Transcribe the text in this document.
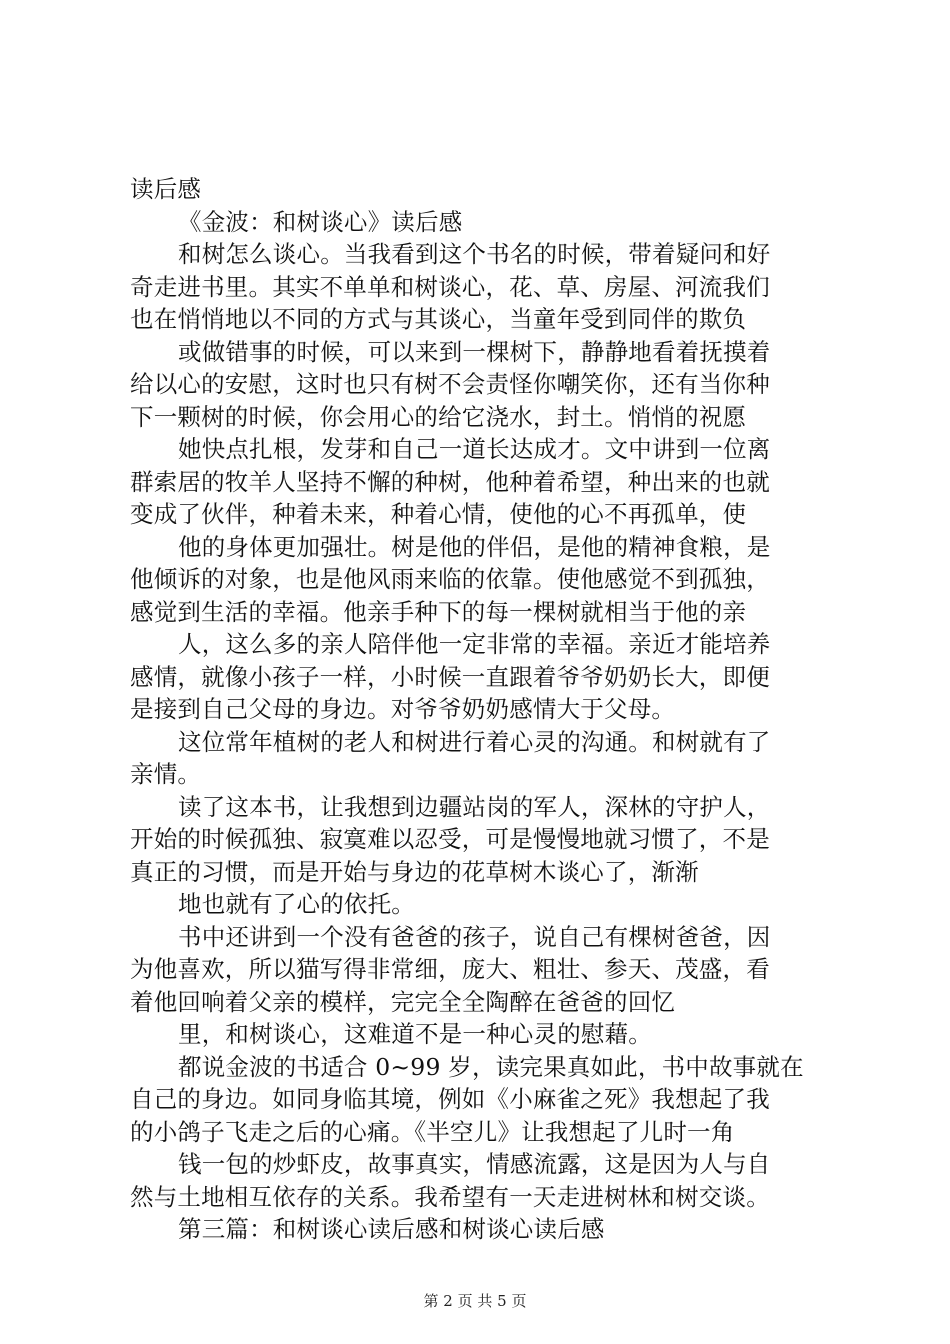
读后感
《金波：和树谈心》读后感
和树怎么谈心。当我看到这个书名的时候，带着疑问和好
奇走进书里。其实不单单和树谈心，花、草、房屋、河流我们
也在悄悄地以不同的方式与其谈心，当童年受到同伴的欺负
或做错事的时候，可以来到一棵树下，静静地看着抚摸着
给以心的安慰，这时也只有树不会责怪你嘲笑你，还有当你种
下一颗树的时候，你会用心的给它浇水，封土。悄悄的祝愿
她快点扎根，发芽和自己一道长达成才。文中讲到一位离
群索居的牧羊人坚持不懈的种树，他种着希望，种出来的也就
变成了伙伴，种着未来，种着心情，使他的心不再孤单，使
他的身体更加强壮。树是他的伴侣，是他的精神食粮，是
他倾诉的对象，也是他风雨来临的依靠。使他感觉不到孤独，
感觉到生活的幸福。他亲手种下的每一棵树就相当于他的亲
人，这么多的亲人陪伴他一定非常的幸福。亲近才能培养
感情，就像小孩子一样，小时候一直跟着爷爷奶奶长大，即便
是接到自己父母的身边。对爷爷奶奶感情大于父母。
这位常年植树的老人和树进行着心灵的沟通。和树就有了
亲情。
读了这本书，让我想到边疆站岗的军人，深林的守护人，
开始的时候孤独、寂寞难以忍受，可是慢慢地就习惯了，不是
真正的习惯，而是开始与身边的花草树木谈心了，渐渐
地也就有了心的依托。
书中还讲到一个没有爸爸的孩子，说自己有棵树爸爸，因
为他喜欢，所以猫写得非常细，庞大、粗壮、参天、茂盛，看
着他回响着父亲的模样，完完全全陶醉在爸爸的回忆
里，和树谈心，这难道不是一种心灵的慰藉。
都说金波的书适合 0~99 岁，读完果真如此，书中故事就在
自己的身边。如同身临其境，例如《小麻雀之死》我想起了我
的小鸽子飞走之后的心痛。《半空儿》让我想起了儿时一角
钱一包的炒虾皮，故事真实，情感流露，这是因为人与自
然与土地相互依存的关系。我希望有一天走进树林和树交谈。
第三篇：和树谈心读后感和树谈心读后感
第 2 页 共 5 页
